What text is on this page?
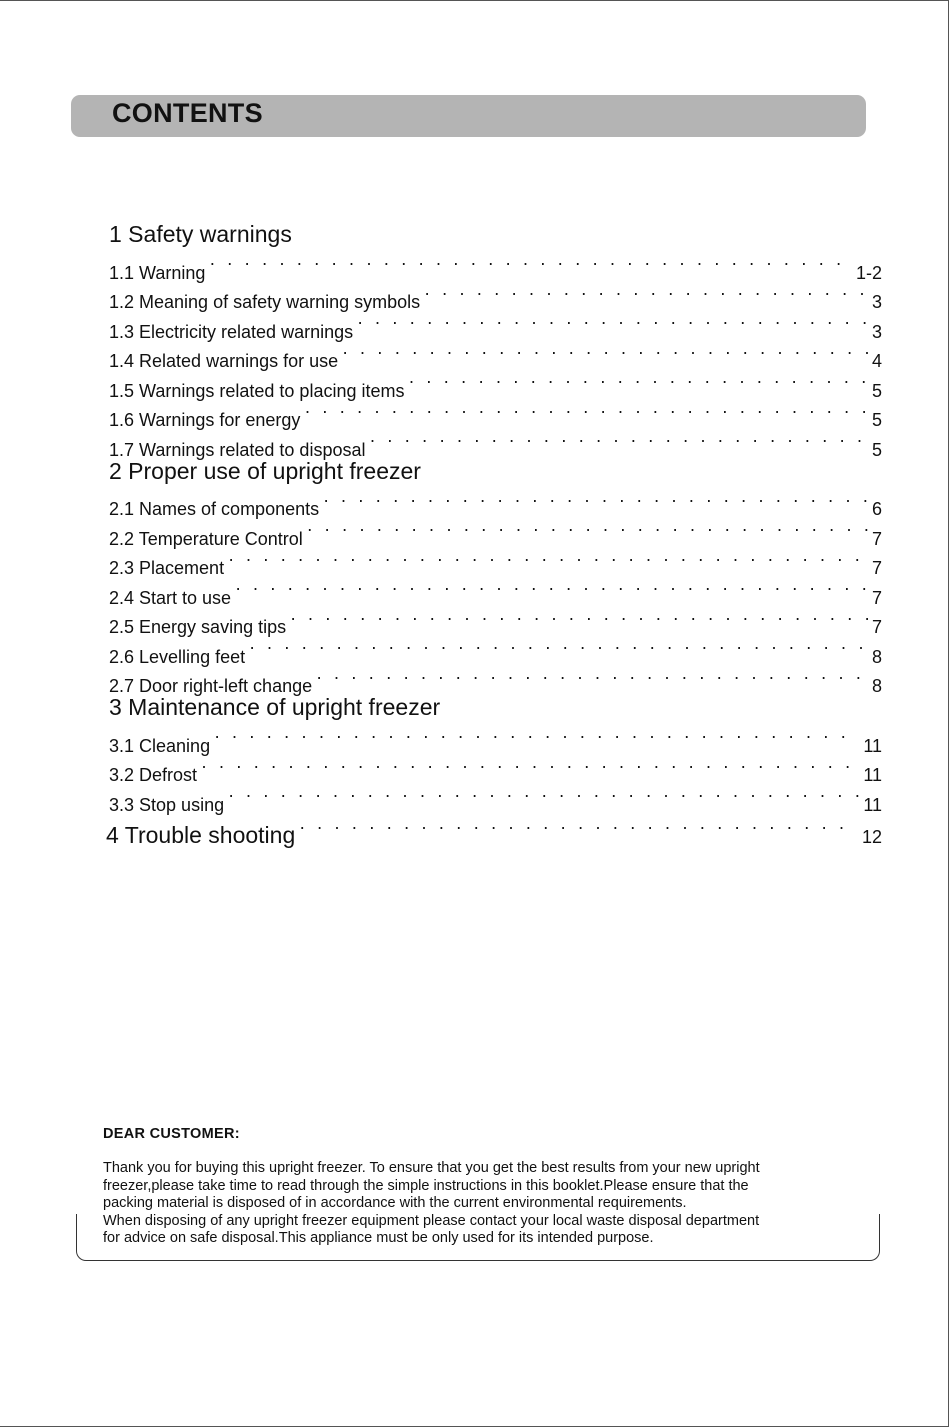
CONTENTS
1 Safety warnings
1.1 Warning · · ·	1-2
1.2 Meaning of safety warning symbols · · ·	3
1.3 Electricity related warnings · · ·	3
1.4 Related warnings for use · · ·	4
1.5 Warnings related to placing items · · ·	5
1.6 Warnings for energy · · ·	5
1.7 Warnings related to disposal · · ·	5
2 Proper use of upright freezer
2.1 Names of components · · ·	6
2.2 Temperature Control · · ·	7
2.3 Placement · · ·	7
2.4 Start to use · · ·	7
2.5 Energy saving tips · · ·	7
2.6 Levelling feet · · ·	8
2.7 Door right-left change · · ·	8
3 Maintenance of upright freezer
3.1 Cleaning · · ·	11
3.2 Defrost · · ·	11
3.3 Stop using · · ·	11
4 Trouble shooting · · ·	12
DEAR CUSTOMER:

Thank you for buying this upright freezer. To ensure that you get the best results from your new upright

freezer,please take time to read through the simple instructions in this booklet.Please ensure that the

packing material is disposed of in accordance with the current environmental requirements.

When disposing of any upright freezer equipment please contact your local waste disposal department

for advice on safe disposal.This appliance must be only used for its intended purpose.
